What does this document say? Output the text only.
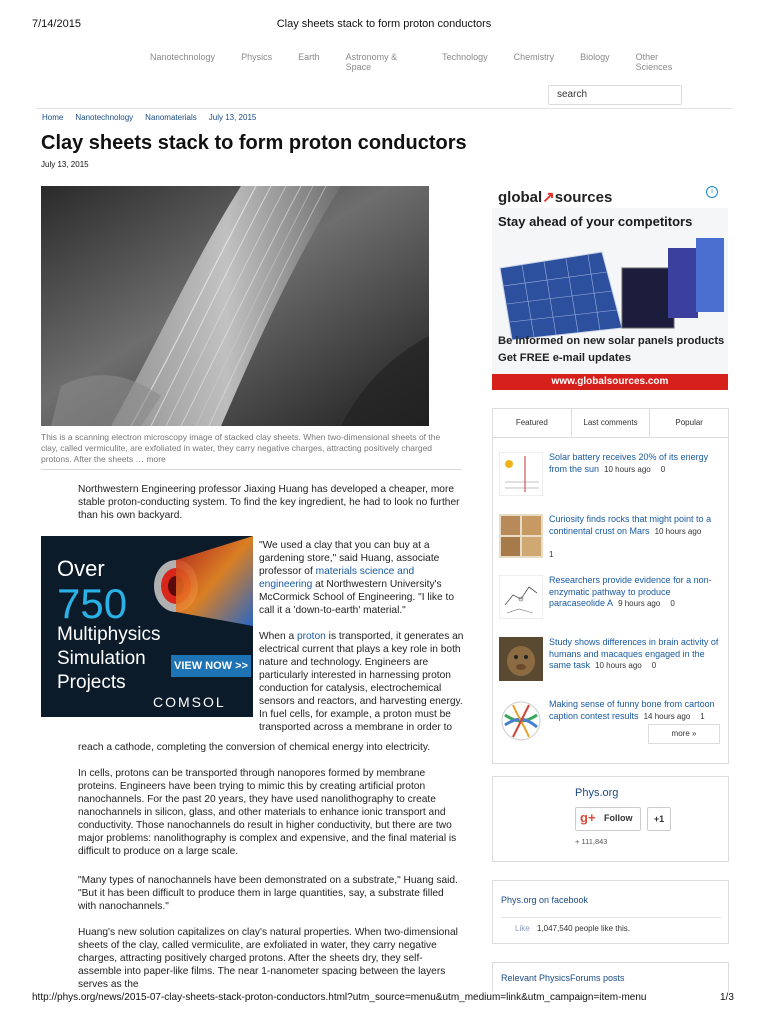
7/14/2015	Clay sheets stack to form proton conductors
Nanotechnology	Physics	Earth	Astronomy & Space
Technology	Chemistry	Biology	Other Sciences
search
Home Nanotechnology Nanomaterials July 13, 2015
Clay sheets stack to form proton conductors
July 13, 2015
This is a scanning electron microscopy image of stacked clay sheets. When two-dimensional sheets of the clay, called vermiculite, are exfoliated in water, they carry negative charges, attracting positively charged protons. After the sheets … more
Northwestern Engineering professor Jiaxing Huang has developed a cheaper, more stable proton-conducting system. To find the key ingredient, he had to look no further than his own backyard.
Over
750
Multiphysics
Simulation
Projects
VIEW NOW >>
COMSOL
"We used a clay that you can buy at a gardening store," said Huang, associate professor of materials science and engineering at Northwestern University's McCormick School of Engineering. "I like to call it a 'down-to-earth' material."
When a proton is transported, it generates an electrical current that plays a key role in both nature and technology. Engineers are particularly interested in harnessing proton conduction for catalysis, electrochemical sensors and reactors, and harvesting energy. In fuel cells, for example, a proton must be transported across a membrane in order to
reach a cathode, completing the conversion of chemical energy into electricity.
In cells, protons can be transported through nanopores formed by membrane proteins. Engineers have been trying to mimic this by creating artificial proton nanochannels. For the past 20 years, they have used nanolithography to create nanochannels in silicon, glass, and other materials to enhance ionic transport and conductivity. Those nanochannels do result in higher conductivity, but there are two major problems: nanolithography is complex and expensive, and the final material is difficult to produce on a large scale.
"Many types of nanochannels have been demonstrated on a substrate," Huang said. "But it has been difficult to produce them in large quantities, say, a substrate filled with nanochannels."
Huang's new solution capitalizes on clay's natural properties. When two-dimensional sheets of the clay, called vermiculite, are exfoliated in water, they carry negative charges, attracting positively charged protons. After the sheets dry, they self-assemble into paper-like films. The near 1-nanometer spacing between the layers serves as the
global↗sources	i
Stay ahead of your competitors
Be informed on new solar panels products
Get FREE e-mail updates
www.globalsources.com
Featured	Last comments	Popular
Solar battery receives 20% of its energy from the sun 10 hours ago 0
Curiosity finds rocks that might point to a continental crust on Mars 10 hours ago

1
Researchers provide evidence for a non-enzymatic pathway to produce paracaseolide A 9 hours ago 0
Study shows differences in brain activity of humans and macaques engaged in the same task 10 hours ago 0
Making sense of funny bone from cartoon caption contest results 14 hours ago 1
more »
Phys.org
g+ Follow	+1
+ 111,843
Phys.org on facebook
Like 1,047,540 people like this.
Relevant PhysicsForums posts
http://phys.org/news/2015-07-clay-sheets-stack-proton-conductors.html?utm_source=menu&utm_medium=link&utm_campaign=item-menu	1/3
